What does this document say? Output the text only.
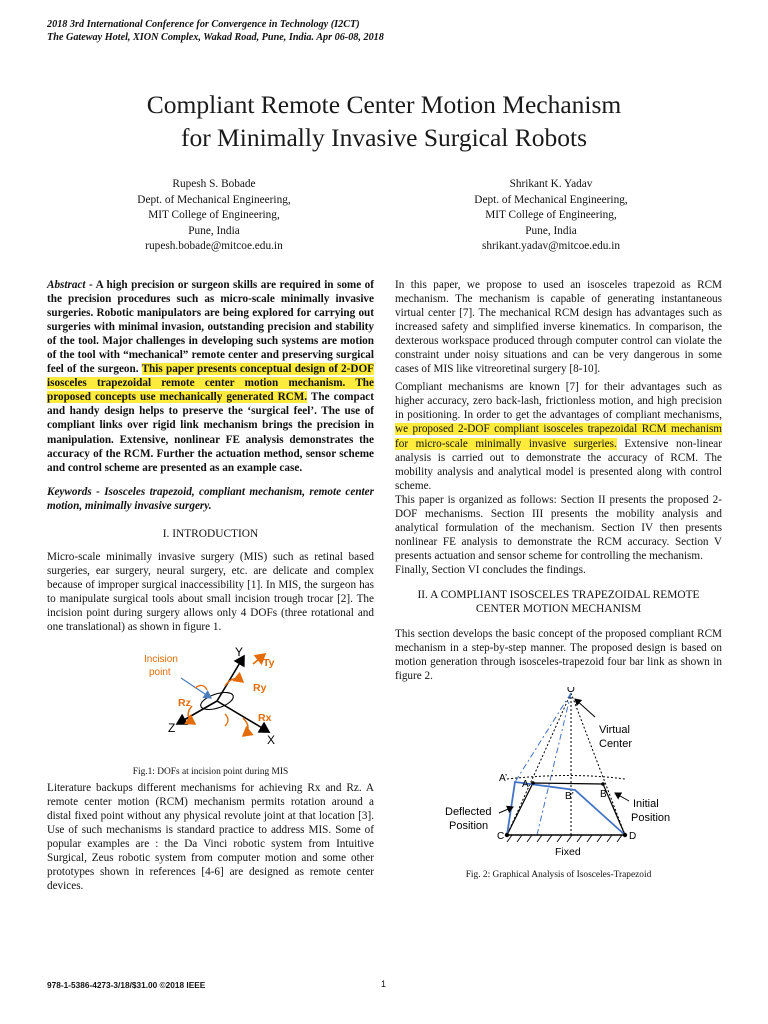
2018 3rd International Conference for Convergence in Technology (I2CT)
The Gateway Hotel, XION Complex, Wakad Road, Pune, India. Apr 06-08, 2018
Compliant Remote Center Motion Mechanism
for Minimally Invasive Surgical Robots
Rupesh S. Bobade
Dept. of Mechanical Engineering,
MIT College of Engineering,
Pune, India
rupesh.bobade@mitcoe.edu.in
Shrikant K. Yadav
Dept. of Mechanical Engineering,
MIT College of Engineering,
Pune, India
shrikant.yadav@mitcoe.edu.in

Abstract - A high precision or surgeon skills are required in some of the precision procedures such as micro-scale minimally invasive surgeries. Robotic manipulators are being explored for carrying out surgeries with minimal invasion, outstanding precision and stability of the tool. Major challenges in developing such systems are motion of the tool with “mechanical” remote center and preserving surgical feel of the surgeon. This paper presents conceptual design of 2-DOF isosceles trapezoidal remote center motion mechanism. The proposed concepts use mechanically generated RCM. The compact and handy design helps to preserve the ‘surgical feel’. The use of compliant links over rigid link mechanism brings the precision in manipulation. Extensive, nonlinear FE analysis demonstrates the accuracy of the RCM. Further the actuation method, sensor scheme and control scheme are presented as an example case.

Keywords - Isosceles trapezoid, compliant mechanism, remote center motion, minimally invasive surgery.

I. INTRODUCTION

Micro-scale minimally invasive surgery (MIS) such as retinal based surgeries, ear surgery, neural surgery, etc. are delicate and complex because of improper surgical inaccessibility [1]. In MIS, the surgeon has to manipulate surgical tools about small incision trough trocar [2]. The incision point during surgery allows only 4 DOFs (three rotational and one translational) as shown in figure 1.

Incision
point
Y
Ty
Ry
Rz
Rx
Z
X
Fig.1: DOFs at incision point during MIS

Literature backups different mechanisms for achieving Rx and Rz. A remote center motion (RCM) mechanism permits rotation around a distal fixed point without any physical revolute joint at that location [3]. Use of such mechanisms is standard practice to address MIS. Some of popular examples are : the Da Vinci robotic system from Intuitive Surgical, Zeus robotic system from computer motion and some other prototypes shown in references [4-6] are designed as remote center devices.

In this paper, we propose to used an isosceles trapezoid as RCM mechanism. The mechanism is capable of generating instantaneous virtual center [7]. The mechanical RCM design has advantages such as increased safety and simplified inverse kinematics. In comparison, the dexterous workspace produced through computer control can violate the constraint under noisy situations and can be very dangerous in some cases of MIS like vitreoretinal surgery [8-10].

Compliant mechanisms are known [7] for their advantages such as higher accuracy, zero back-lash, frictionless motion, and high precision in positioning. In order to get the advantages of compliant mechanisms, we proposed 2-DOF compliant isosceles trapezoidal RCM mechanism for micro-scale minimally invasive surgeries. Extensive non-linear analysis is carried out to demonstrate the accuracy of RCM. The mobility analysis and analytical model is presented along with control scheme.

This paper is organized as follows: Section II presents the proposed 2-DOF mechanisms. Section III presents the mobility analysis and analytical formulation of the mechanism. Section IV then presents nonlinear FE analysis to demonstrate the RCM accuracy. Section V presents actuation and sensor scheme for controlling the mechanism.

Finally, Section VI concludes the findings.

II. A COMPLIANT ISOSCELES TRAPEZOIDAL REMOTE
CENTER MOTION MECHANISM

This section develops the basic concept of the proposed compliant RCM mechanism in a step-by-step manner. The proposed design is based on motion generation through isosceles-trapezoid four bar link as shown in figure 2.

O
Virtual
Center
A’
A
B’	B
Initial
Position
Deflected
Position
C	D
Fixed
Fig. 2: Graphical Analysis of Isosceles-Trapezoid
978-1-5386-4273-3/18/$31.00 ©2018 IEEE	1
